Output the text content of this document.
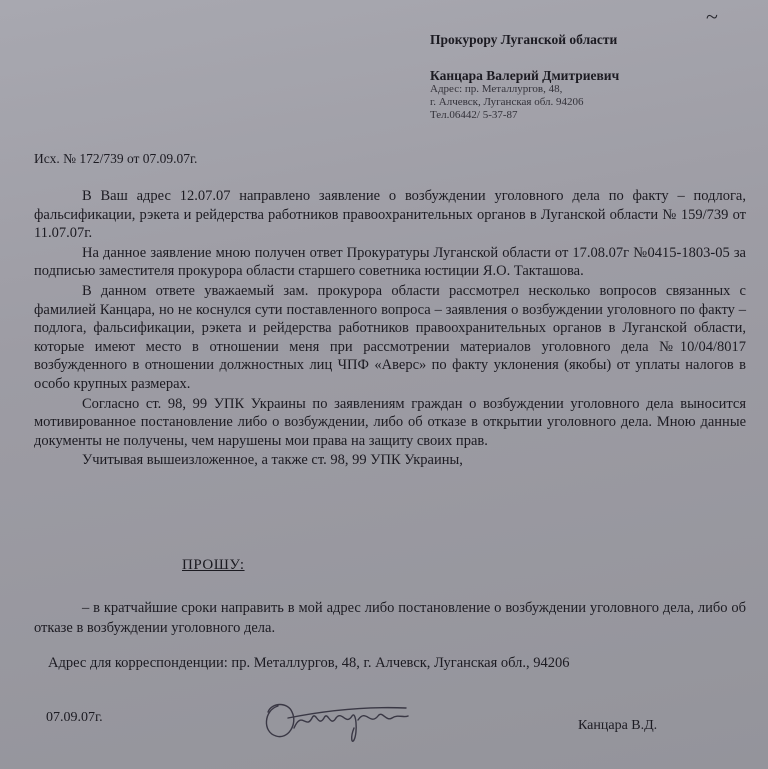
~
Прокурору Луганской области
Канцара Валерий Дмитриевич
Адрес: пр. Металлургов, 48,
г. Алчевск, Луганская обл. 94206
Тел.06442/ 5-37-87
Исх. № 172/739 от 07.09.07г.

В Ваш адрес 12.07.07 направлено заявление о возбуждении уголовного дела по факту – подлога, фальсификации, рэкета и рейдерства работников правоохранительных органов в Луганской области № 159/739 от 11.07.07г.

На данное заявление мною получен ответ Прокуратуры Луганской области от 17.08.07г №0415-1803-05 за подписью заместителя прокурора области старшего советника юстиции Я.О. Такташова.

В данном ответе уважаемый зам. прокурора области рассмотрел несколько вопросов связанных с фамилией Канцара, но не коснулся сути поставленного вопроса – заявления о возбуждении уголовного по факту – подлога, фальсификации, рэкета и рейдерства работников правоохранительных органов в Луганской области, которые имеют место в отношении меня при рассмотрении материалов уголовного дела №10/04/8017 возбужденного в отношении должностных лиц ЧПФ «Аверс» по факту уклонения (якобы) от уплаты налогов в особо крупных размерах.

Согласно ст. 98, 99 УПК Украины по заявлениям граждан о возбуждении уголовного дела выносится мотивированное постановление либо о возбуждении, либо об отказе в открытии уголовного дела. Мною данные документы не получены, чем нарушены мои права на защиту своих прав.

Учитывая вышеизложенное, а также ст. 98, 99 УПК Украины,

ПРОШУ:

– в кратчайшие сроки направить в мой адрес либо постановление о возбуждении уголовного дела, либо об отказе в возбуждении уголовного дела.

Адрес для корреспонденции: пр. Металлургов, 48, г. Алчевск, Луганская обл., 94206
07.09.07г.
Канцара В.Д.
